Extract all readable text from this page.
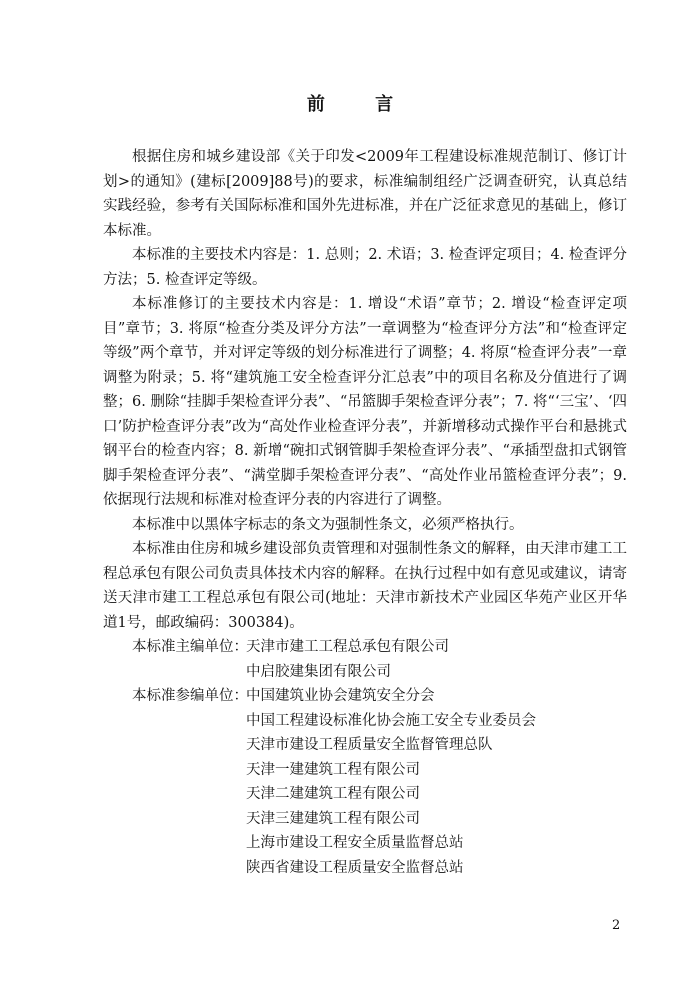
前 言

根据住房和城乡建设部《关于印发<2009年工程建设标准规范制订、修订计划>的通知》(建标[2009]88号)的要求，标准编制组经广泛调查研究，认真总结实践经验，参考有关国际标准和国外先进标准，并在广泛征求意见的基础上，修订本标准。

本标准的主要技术内容是：1. 总则；2. 术语；3. 检查评定项目；4. 检查评分方法；5. 检查评定等级。

本标准修订的主要技术内容是：1. 增设“术语”章节；2. 增设“检查评定项目”章节；3. 将原“检查分类及评分方法”一章调整为“检查评分方法”和“检查评定等级”两个章节，并对评定等级的划分标准进行了调整；4. 将原“检查评分表”一章调整为附录；5. 将“建筑施工安全检查评分汇总表”中的项目名称及分值进行了调整；6. 删除“挂脚手架检查评分表”、“吊篮脚手架检查评分表”；7. 将“‘三宝’、‘四口’防护检查评分表”改为“高处作业检查评分表”，并新增移动式操作平台和悬挑式钢平台的检查内容；8. 新增“碗扣式钢管脚手架检查评分表”、“承插型盘扣式钢管脚手架检查评分表”、“满堂脚手架检查评分表”、“高处作业吊篮检查评分表”；9. 依据现行法规和标准对检查评分表的内容进行了调整。

本标准中以黑体字标志的条文为强制性条文，必须严格执行。

本标准由住房和城乡建设部负责管理和对强制性条文的解释，由天津市建工工程总承包有限公司负责具体技术内容的解释。在执行过程中如有意见或建议，请寄送天津市建工工程总承包有限公司(地址：天津市新技术产业园区华苑产业区开华道1号，邮政编码：300384)。

本标准主编单位：
天津市建工工程总承包有限公司
中启胶建集团有限公司
本标准参编单位：
中国建筑业协会建筑安全分会
中国工程建设标准化协会施工安全专业委员会
天津市建设工程质量安全监督管理总队
天津一建建筑工程有限公司
天津二建建筑工程有限公司
天津三建建筑工程有限公司
上海市建设工程安全质量监督总站
陕西省建设工程质量安全监督总站
2
